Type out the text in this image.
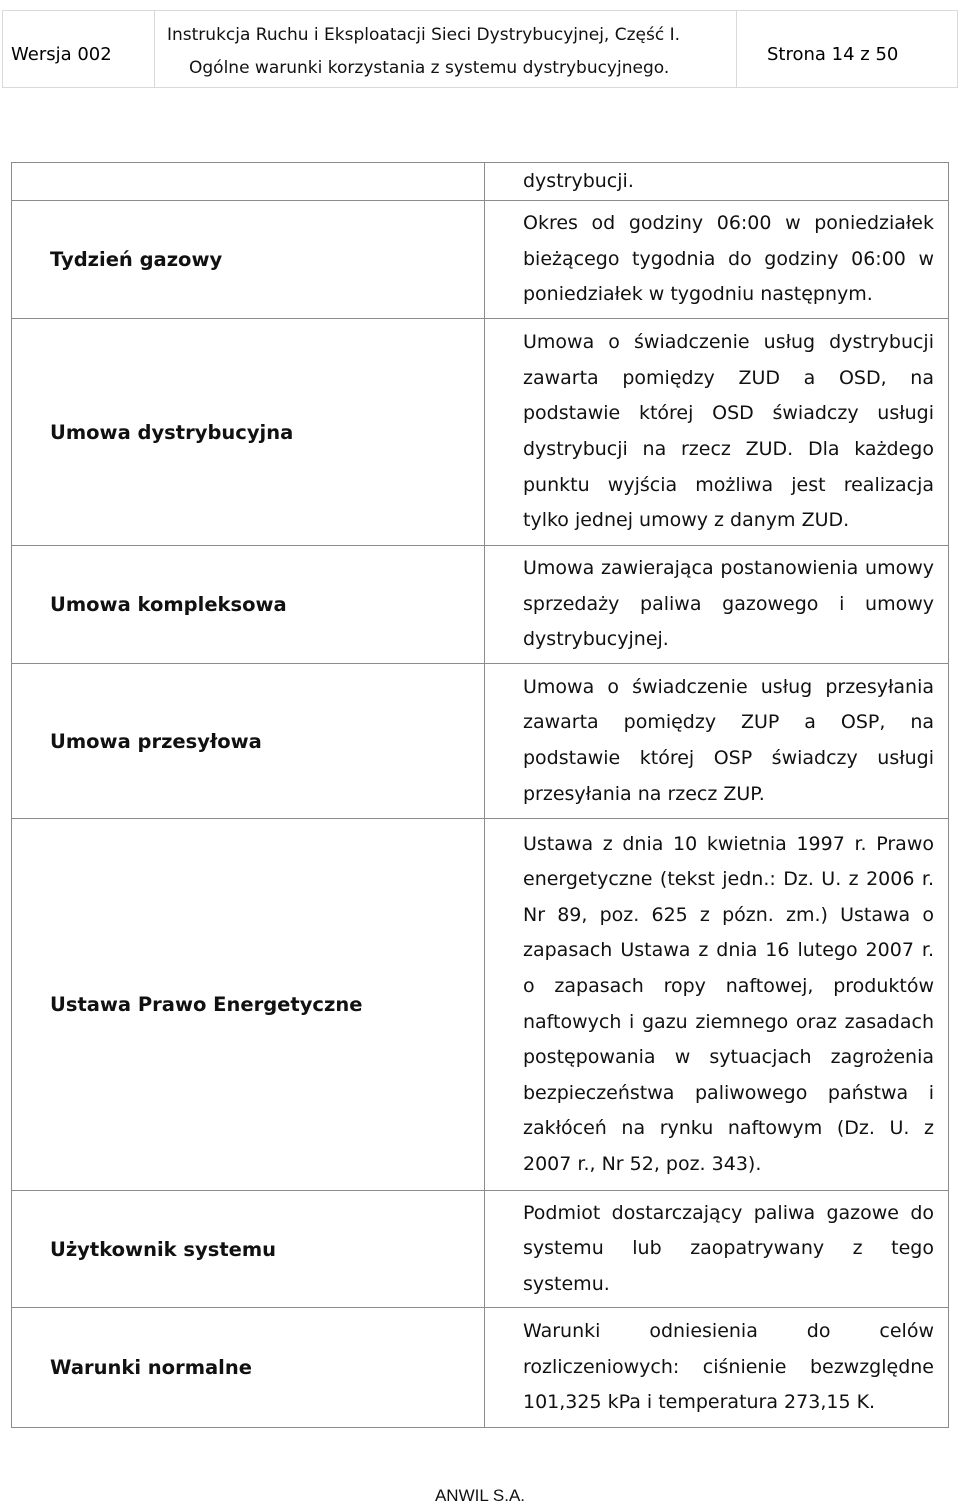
Wersja 002
Instrukcja Ruchu i Eksploatacji Sieci Dystrybucyjnej, Część I.
Ogólne warunki korzystania z systemu dystrybucyjnego.
Strona 14 z 50
	dystrybucji.
Tydzień gazowy	Okres od godziny 06:00 w poniedziałek bieżącego tygodnia do godziny 06:00 w poniedziałek w tygodniu następnym.
Umowa dystrybucyjna	Umowa o świadczenie usług dystrybucji zawarta pomiędzy ZUD a OSD, na podstawie której OSD świadczy usługi dystrybucji na rzecz ZUD. Dla każdego punktu wyjścia możliwa jest realizacja tylko jednej umowy z danym ZUD.
Umowa kompleksowa	Umowa zawierająca postanowienia umowy sprzedaży paliwa gazowego i umowy dystrybucyjnej.
Umowa przesyłowa	Umowa o świadczenie usług przesyłania zawarta pomiędzy ZUP a OSP, na podstawie której OSP świadczy usługi przesyłania na rzecz ZUP.
Ustawa Prawo Energetyczne	Ustawa z dnia 10 kwietnia 1997 r. Prawo energetyczne (tekst jedn.: Dz. U. z 2006 r. Nr 89, poz. 625 z pózn. zm.) Ustawa o zapasach Ustawa z dnia 16 lutego 2007 r. o zapasach ropy naftowej, produktów naftowych i gazu ziemnego oraz zasadach postępowania w sytuacjach zagrożenia bezpieczeństwa paliwowego państwa i zakłóceń na rynku naftowym (Dz. U. z 2007 r., Nr 52, poz. 343).
Użytkownik systemu	Podmiot dostarczający paliwa gazowe do systemu lub zaopatrywany z tego systemu.
Warunki normalne	Warunki odniesienia do celów rozliczeniowych: ciśnienie bezwzględne 101,325 kPa i temperatura 273,15 K.
ANWIL S.A.
